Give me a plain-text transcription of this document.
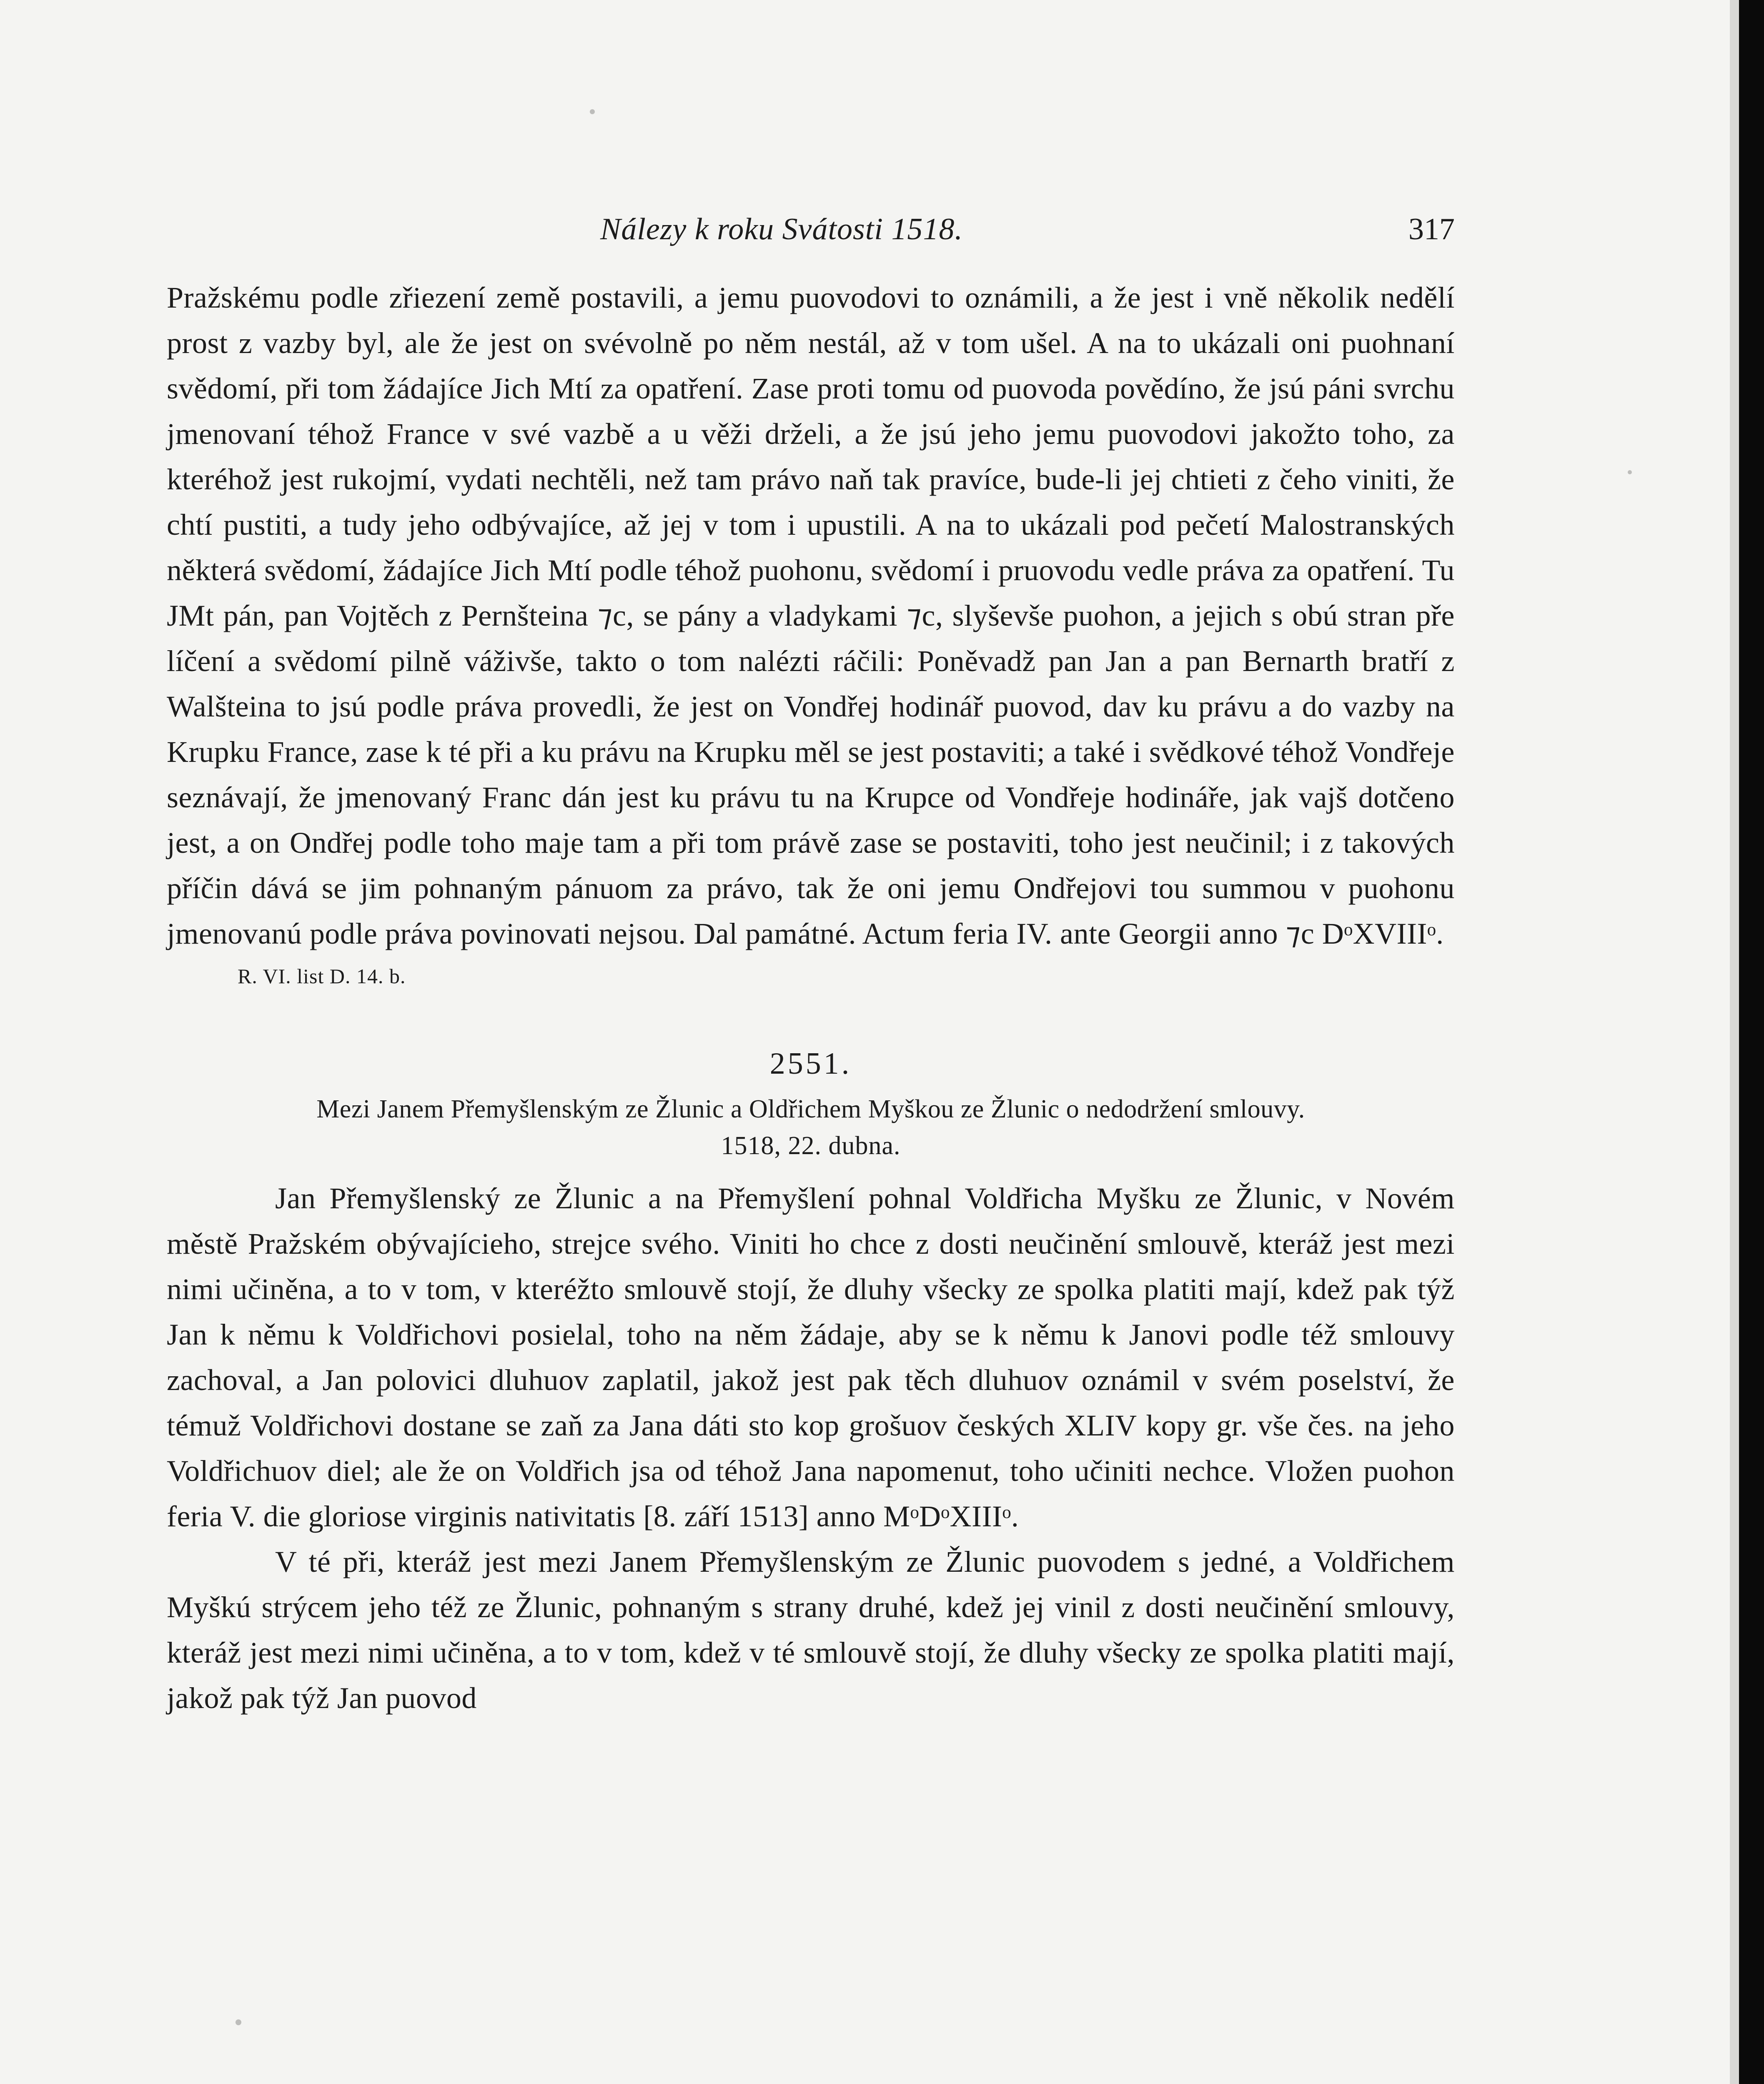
Nálezy k roku Svátosti 1518.	317

Pražskému podle zřiezení země postavili, a jemu puovodovi to oznámili, a že jest i vně několik nedělí prost z vazby byl, ale že jest on svévolně po něm nestál, až v tom ušel. A na to ukázali oni puohnaní svědomí, při tom žádajíce Jich Mtí za opatření. Zase proti tomu od puovoda povědíno, že jsú páni svrchu jmenovaní téhož France v své vazbě a u věži drželi, a že jsú jeho jemu puovodovi jakožto toho, za kteréhož jest rukojmí, vydati nechtěli, než tam právo naň tak pravíce, bude-li jej chtieti z čeho viniti, že chtí pustiti, a tudy jeho odbývajíce, až jej v tom i upustili. A na to ukázali pod pečetí Malostranských některá svědomí, žádajíce Jich Mtí podle téhož puohonu, svědomí i pruovodu vedle práva za opatření. Tu JMt pán, pan Vojtěch z Pernšteina ⁊c, se pány a vladykami ⁊c, slyševše puohon, a jejich s obú stran pře líčení a svědomí pilně váživše, takto o tom nalézti ráčili: Poněvadž pan Jan a pan Bernarth bratří z Walšteina to jsú podle práva provedli, že jest on Vondřej hodinář puovod, dav ku právu a do vazby na Krupku France, zase k té při a ku právu na Krupku měl se jest postaviti; a také i svědkové téhož Vondřeje seznávají, že jmenovaný Franc dán jest ku právu tu na Krupce od Vondřeje hodináře, jak vajš dotčeno jest, a on Ondřej podle toho maje tam a při tom právě zase se postaviti, toho jest neučinil; i z takových příčin dává se jim pohnaným pánuom za právo, tak že oni jemu Ondřejovi tou summou v puohonu jmenovanú podle práva povinovati nejsou. Dal památné. Actum feria IV. ante Georgii anno ⁊c DᵒXVIIIᵒ.

R. VI. list D. 14. b.
2551.
Mezi Janem Přemyšlenským ze Žlunic a Oldřichem Myškou ze Žlunic o nedodržení smlouvy.
1518, 22. dubna.

Jan Přemyšlenský ze Žlunic a na Přemyšlení pohnal Voldřicha Myšku ze Žlunic, v Novém městě Pražském obývajícieho, strejce svého. Viniti ho chce z dosti neučinění smlouvě, kteráž jest mezi nimi učiněna, a to v tom, v kteréžto smlouvě stojí, že dluhy všecky ze spolka platiti mají, kdež pak týž Jan k němu k Voldřichovi posielal, toho na něm žádaje, aby se k němu k Janovi podle též smlouvy zachoval, a Jan polovici dluhuov zaplatil, jakož jest pak těch dluhuov oznámil v svém poselství, že témuž Voldřichovi dostane se zaň za Jana dáti sto kop grošuov českých XLIV kopy gr. vše čes. na jeho Voldřichuov diel; ale že on Voldřich jsa od téhož Jana napomenut, toho učiniti nechce. Vložen puohon feria V. die gloriose virginis nativitatis [8. září 1513] anno MᵒDᵒXIIIᵒ.

V té při, kteráž jest mezi Janem Přemyšlenským ze Žlunic puovodem s jedné, a Voldřichem Myškú strýcem jeho též ze Žlunic, pohnaným s strany druhé, kdež jej vinil z dosti neučinění smlouvy, kteráž jest mezi nimi učiněna, a to v tom, kdež v té smlouvě stojí, že dluhy všecky ze spolka platiti mají, jakož pak týž Jan puovod
